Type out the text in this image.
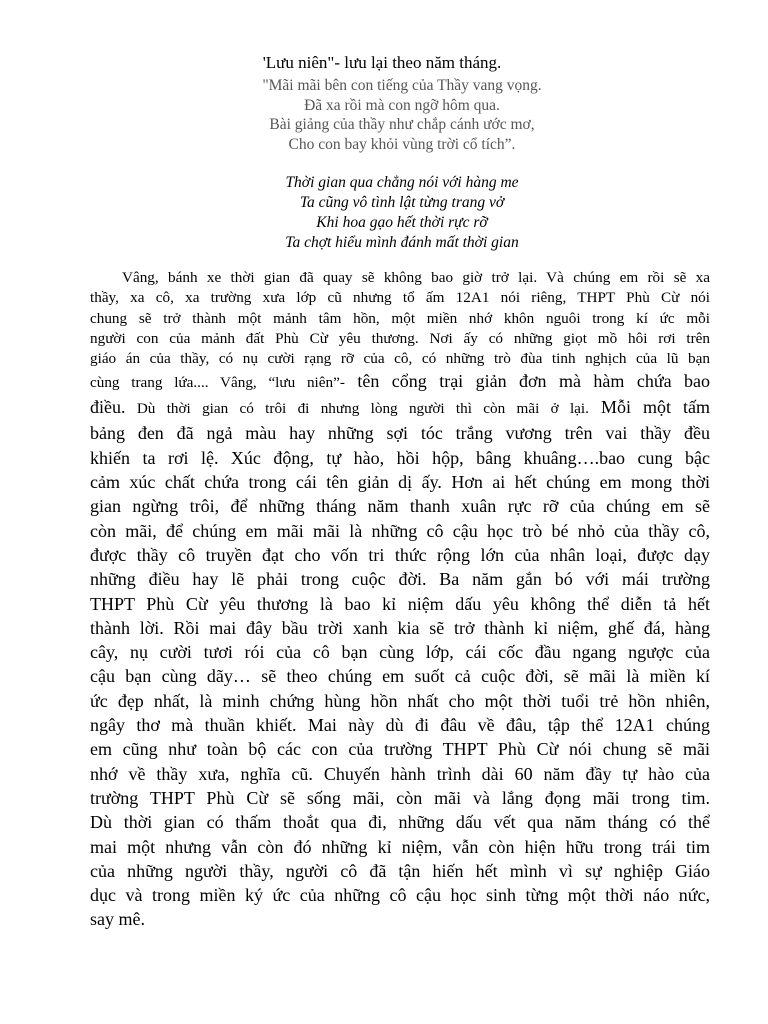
'Lưu niên"- lưu lại theo năm tháng.
"Mãi mãi bên con tiếng của Thầy vang vọng.
Đã xa rồi mà con ngỡ hôm qua.
Bài giảng của thầy như chắp cánh ước mơ,
Cho con bay khỏi vùng trời cổ tích”.
Thời gian qua chẳng nói với hàng me
Ta cũng vô tình lật từng trang vở
Khi hoa gạo hết thời rực rỡ
Ta chợt hiểu mình đánh mất thời gian
Vâng, bánh xe thời gian đã quay sẽ không bao giờ trở lại. Và chúng em rồi sẽ xa
thầy, xa cô, xa trường xưa lớp cũ nhưng tổ ấm 12A1 nói riêng, THPT Phù Cừ nói
chung sẽ trở thành một mảnh tâm hồn, một miền nhớ khôn nguôi trong kí ức mỗi
người con của mảnh đất Phù Cừ yêu thương. Nơi ấy có những giọt mồ hôi rơi trên
giáo án của thầy, có nụ cười rạng rỡ của cô, có những trò đùa tinh nghịch của lũ bạn
cùng trang lứa.... Vâng, “lưu niên”- tên cổng trại giản đơn mà hàm chứa bao
điều. Dù thời gian có trôi đi nhưng lòng người thì còn mãi ở lại. Mỗi một tấm
bảng đen đã ngả màu hay những sợi tóc trắng vương trên vai thầy đều
khiến ta rơi lệ. Xúc động, tự hào, hồi hộp, bâng khuâng….bao cung bậc
cảm xúc chất chứa trong cái tên giản dị ấy. Hơn ai hết chúng em mong thời
gian ngừng trôi, để những tháng năm thanh xuân rực rỡ của chúng em sẽ
còn mãi, để chúng em mãi mãi là những cô cậu học trò bé nhỏ của thầy cô,
được thầy cô truyền đạt cho vốn tri thức rộng lớn của nhân loại, được dạy
những điều hay lẽ phải trong cuộc đời. Ba năm gắn bó với mái trường
THPT Phù Cừ yêu thương là bao kỉ niệm dấu yêu không thể diễn tả hết
thành lời. Rồi mai đây bầu trời xanh kia sẽ trở thành kỉ niệm, ghế đá, hàng
cây, nụ cười tươi rói của cô bạn cùng lớp, cái cốc đầu ngang ngược của
cậu bạn cùng dãy… sẽ theo chúng em suốt cả cuộc đời, sẽ mãi là miền kí
ức đẹp nhất, là minh chứng hùng hồn nhất cho một thời tuổi trẻ hồn nhiên,
ngây thơ mà thuần khiết. Mai này dù đi đâu về đâu, tập thể 12A1 chúng
em cũng như toàn bộ các con của trường THPT Phù Cừ nói chung sẽ mãi
nhớ về thầy xưa, nghĩa cũ. Chuyến hành trình dài 60 năm đầy tự hào của
trường THPT Phù Cừ sẽ sống mãi, còn mãi và lắng đọng mãi trong tim.
Dù thời gian có thấm thoắt qua đi, những dấu vết qua năm tháng có thể
mai một nhưng vẫn còn đó những kỉ niệm, vẫn còn hiện hữu trong trái tim
của những người thầy, người cô đã tận hiến hết mình vì sự nghiệp Giáo
dục và trong miền ký ức của những cô cậu học sinh từng một thời náo nức,
say mê.
